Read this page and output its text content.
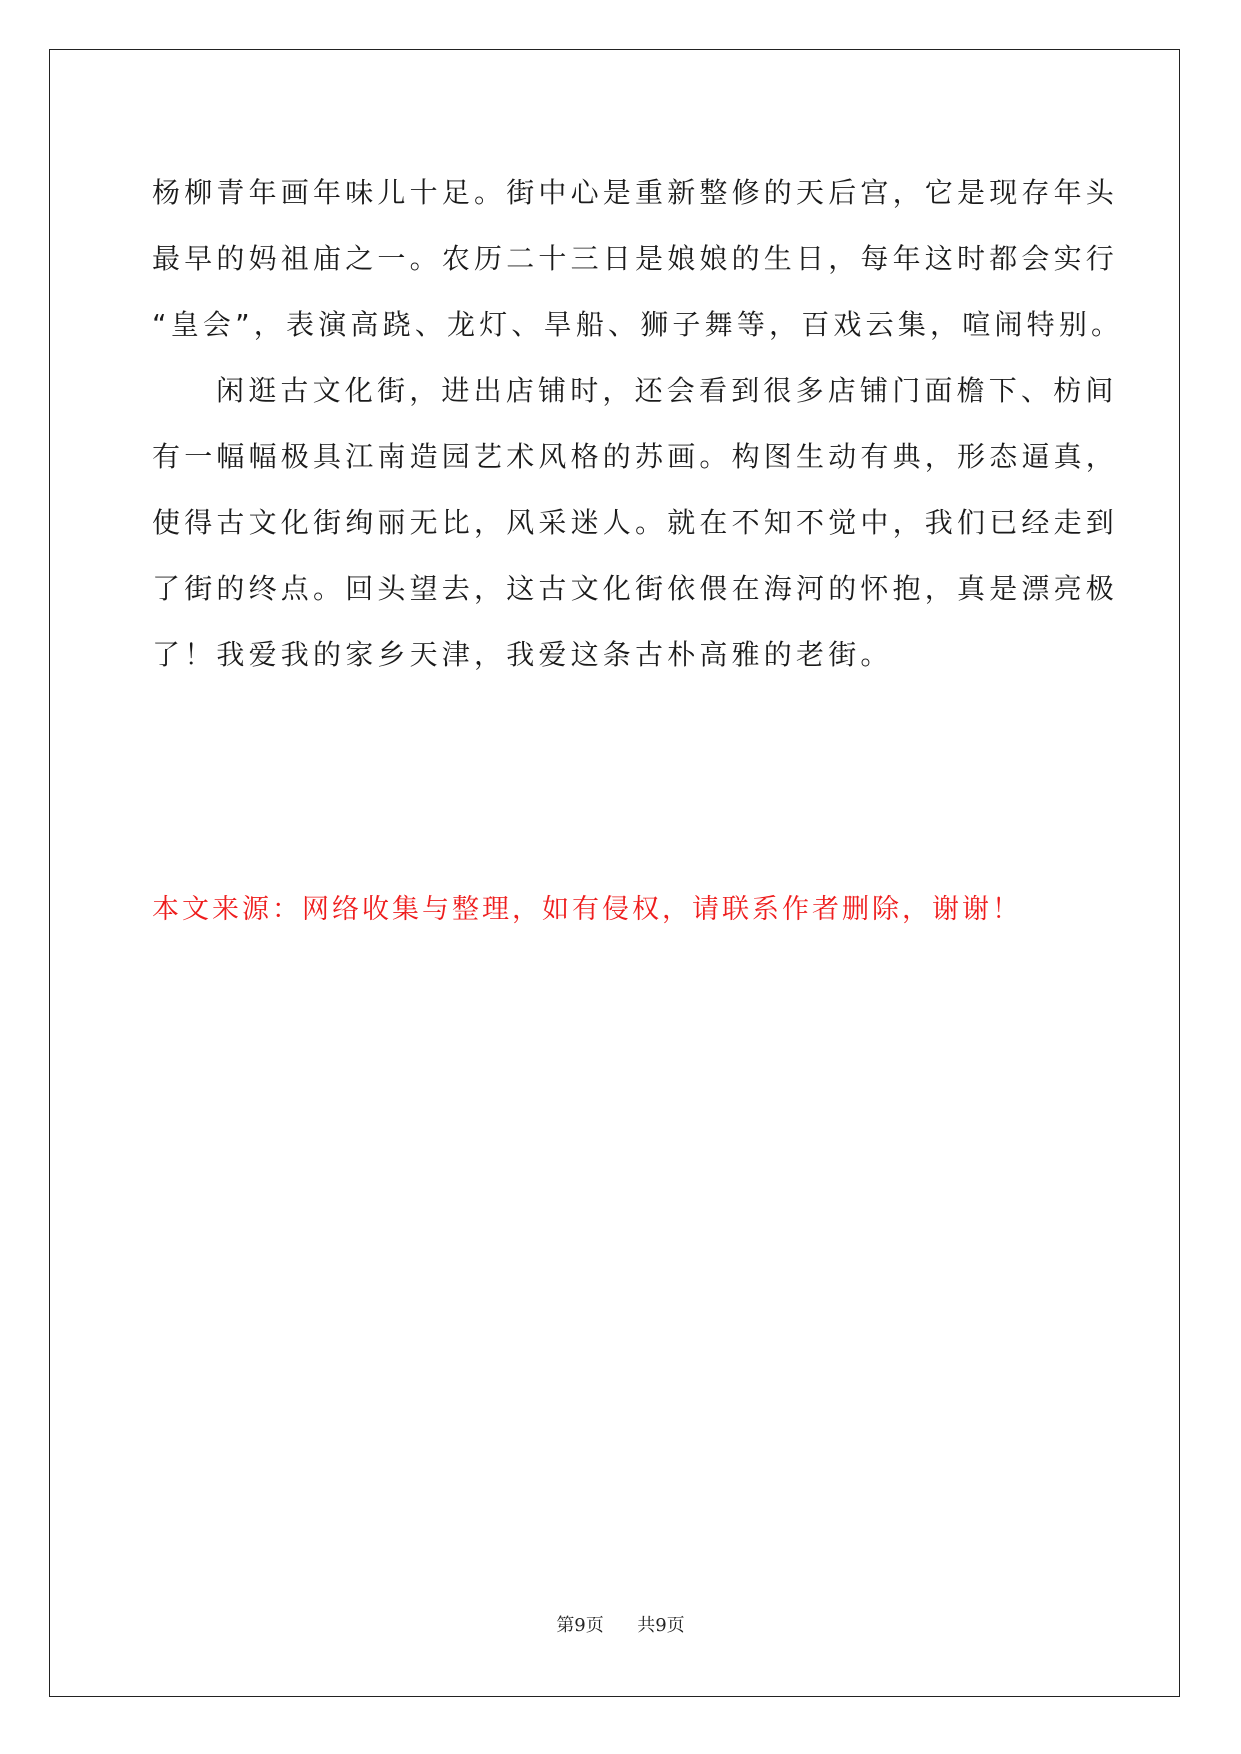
杨柳青年画年味儿十足。街中心是重新整修的天后宫，它是现存年头
最早的妈祖庙之一。农历二十三日是娘娘的生日，每年这时都会实行
“皇会”，表演高跷、龙灯、旱船、狮子舞等，百戏云集，喧闹特别。
闲逛古文化街，进出店铺时，还会看到很多店铺门面檐下、枋间
有一幅幅极具江南造园艺术风格的苏画。构图生动有典，形态逼真，
使得古文化街绚丽无比，风采迷人。就在不知不觉中，我们已经走到
了街的终点。回头望去，这古文化街依偎在海河的怀抱，真是漂亮极
了！我爱我的家乡天津，我爱这条古朴高雅的老街。
本文来源：网络收集与整理，如有侵权，请联系作者删除，谢谢！
第9页 共9页
